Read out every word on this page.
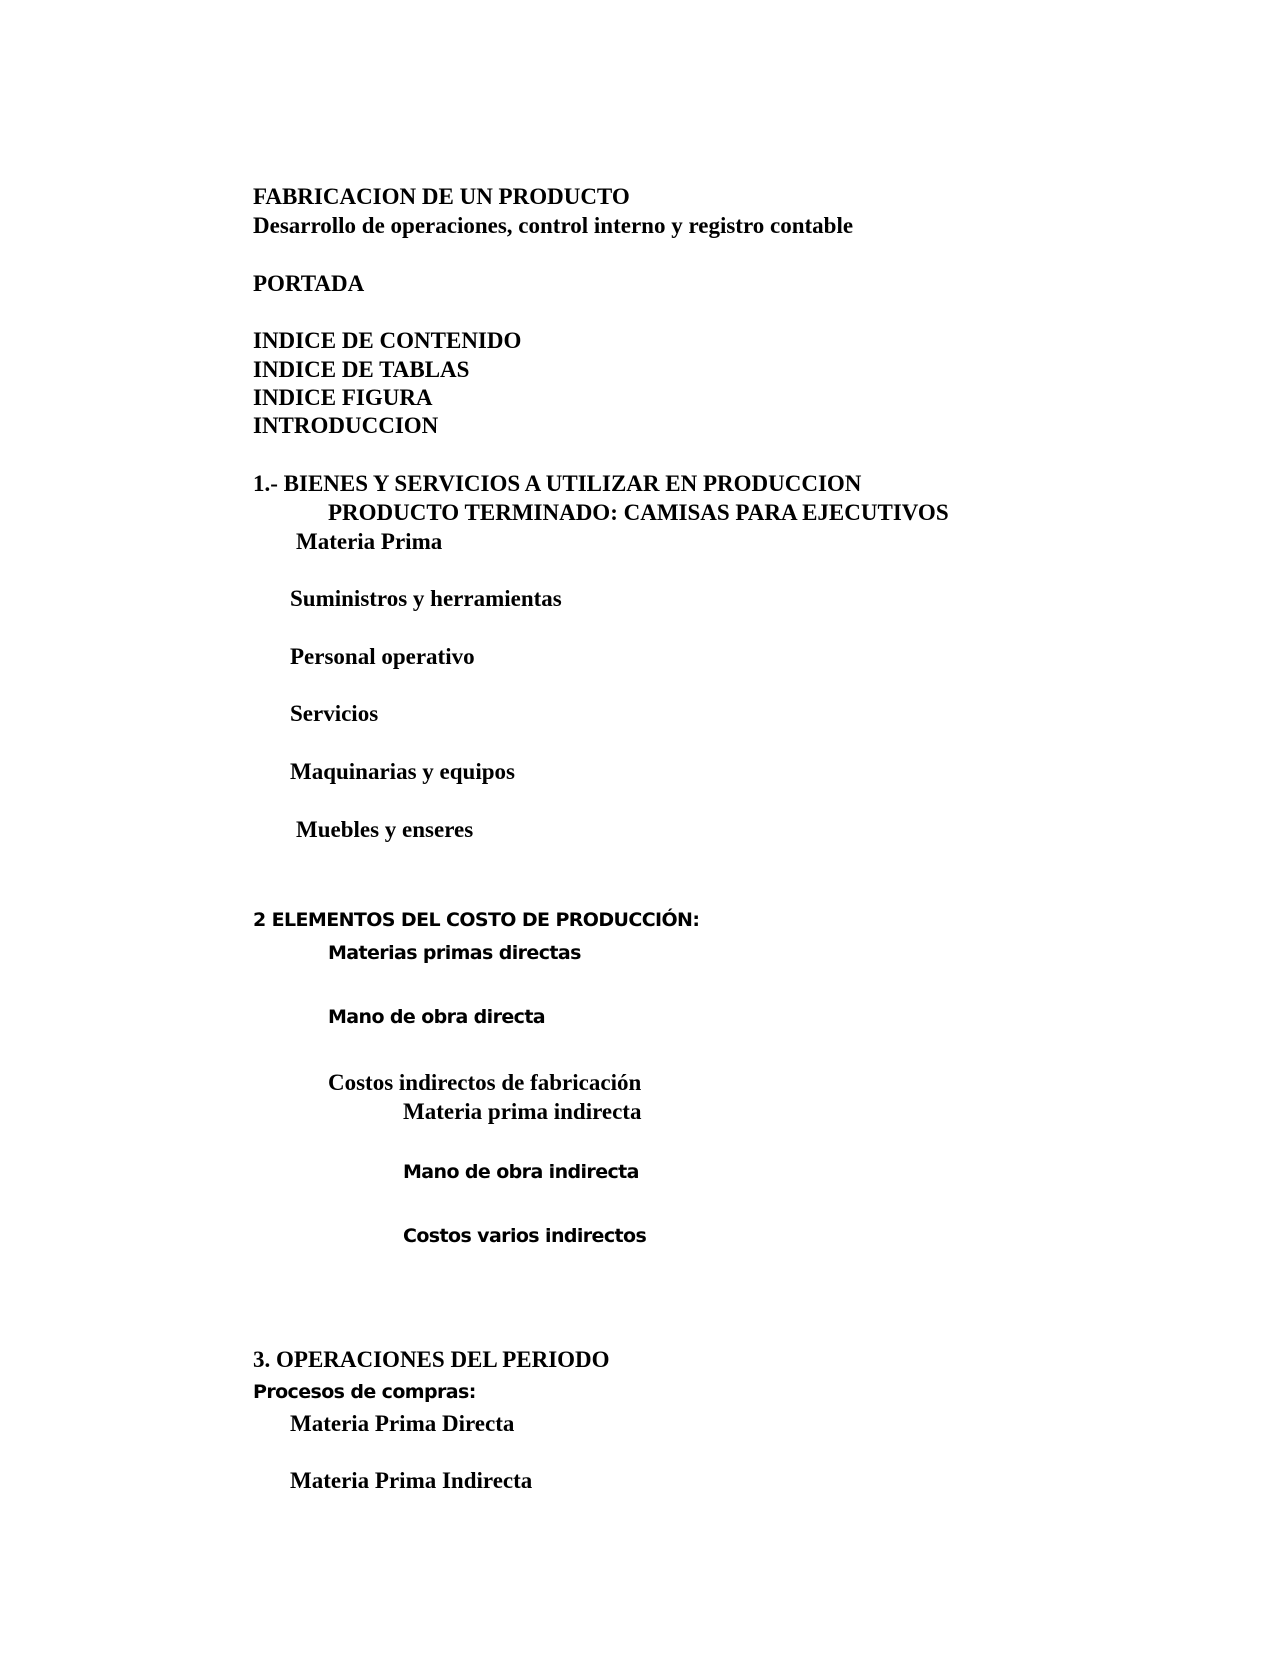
FABRICACION DE UN PRODUCTO
Desarrollo de operaciones, control interno y registro contable
PORTADA
INDICE DE CONTENIDO
INDICE DE TABLAS
INDICE FIGURA
INTRODUCCION
1.- BIENES Y SERVICIOS A UTILIZAR EN PRODUCCION
PRODUCTO TERMINADO: CAMISAS PARA EJECUTIVOS
Materia Prima
Suministros y herramientas
Personal operativo
Servicios
Maquinarias y equipos
Muebles y enseres
2 ELEMENTOS DEL COSTO DE PRODUCCIÓN:
Materias primas directas
Mano de obra directa
Costos indirectos de fabricación
Materia prima indirecta
Mano de obra indirecta
Costos varios indirectos
3. OPERACIONES DEL PERIODO
Procesos de compras:
Materia Prima Directa
Materia Prima Indirecta
